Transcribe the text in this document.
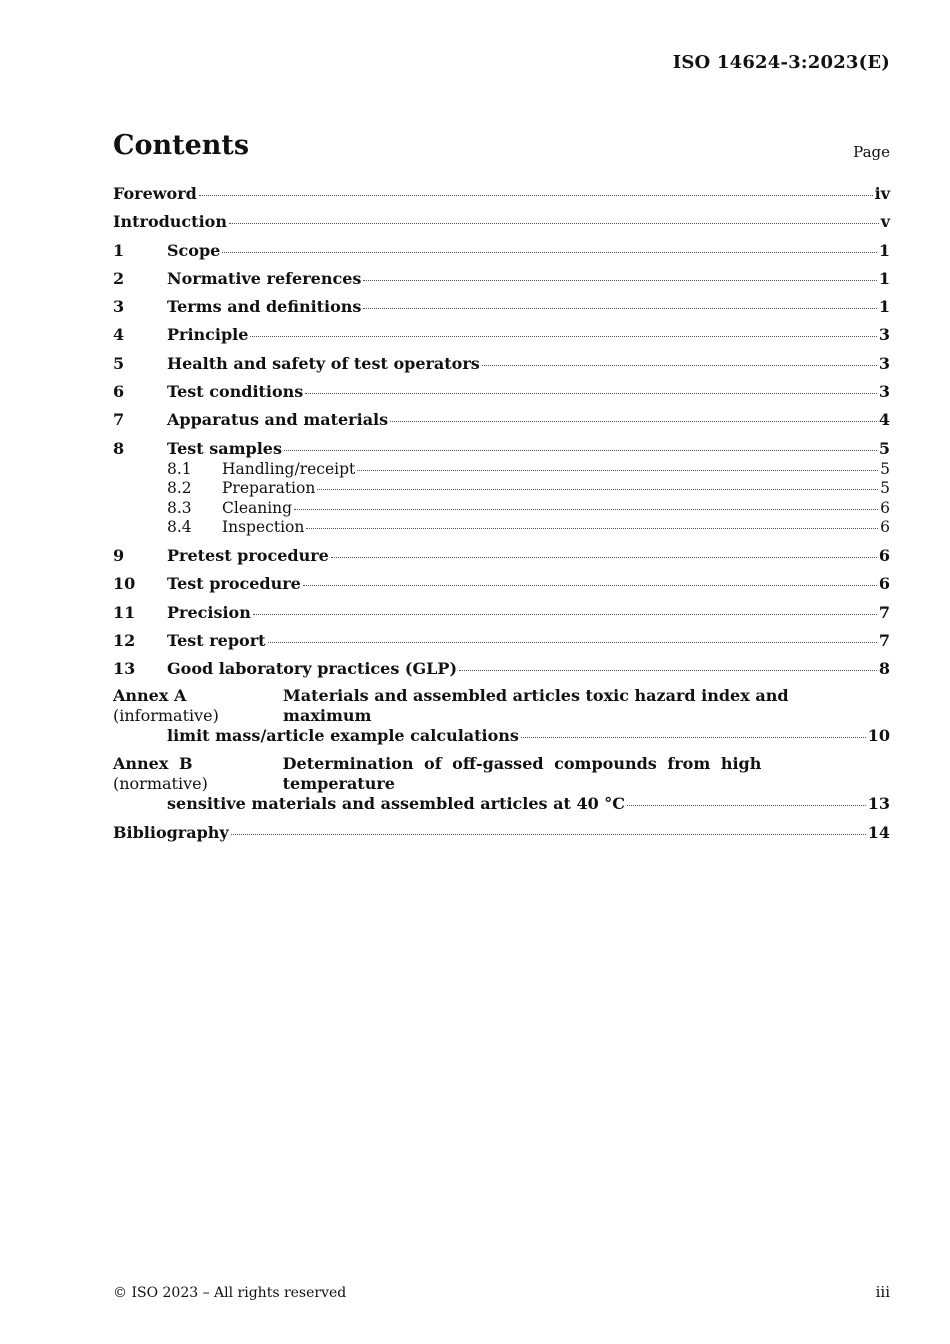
ISO 14624-3:2023(E)
Contents	Page
Foreword	iv
Introduction	v
1	Scope	1
2	Normative references	1
3	Terms and definitions	1
4	Principle	3
5	Health and safety of test operators	3
6	Test conditions	3
7	Apparatus and materials	4
8	Test samples	5
8.1	Handling/receipt	5
8.2	Preparation	5
8.3	Cleaning	6
8.4	Inspection	6
9	Pretest procedure	6
10	Test procedure	6
11	Precision	7
12	Test report	7
13	Good laboratory practices (GLP)	8
Annex A (informative)
Materials and assembled articles toxic hazard index and maximum
limit mass/article example calculations	10
Annex B (normative)
Determination of off-gassed compounds from high temperature
sensitive materials and assembled articles at 40 °C	13
Bibliography	14
© ISO 2023 – All rights reserved	iii
